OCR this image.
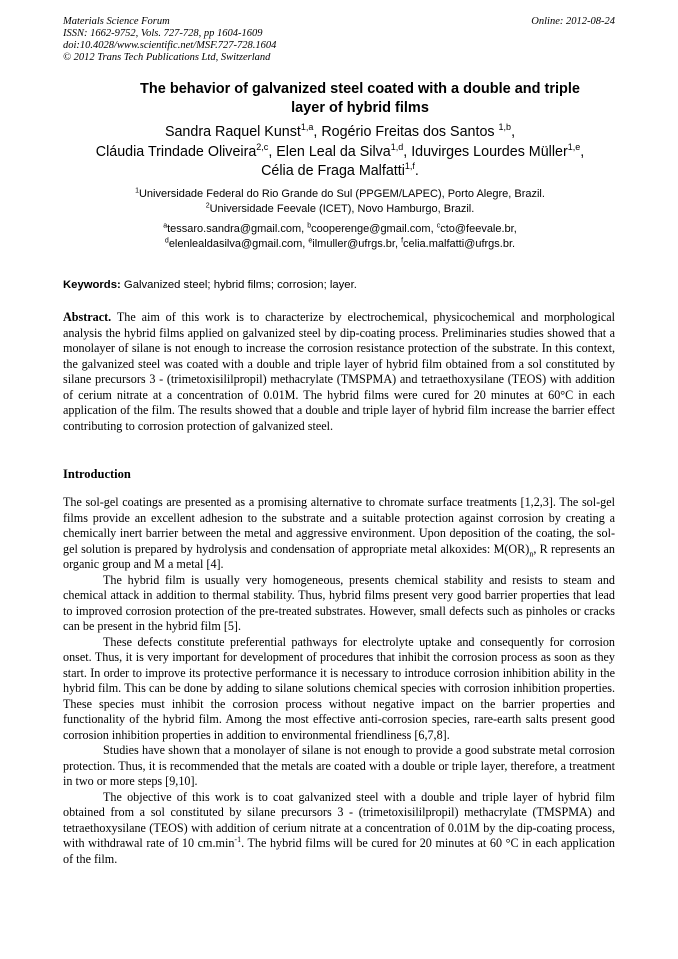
Materials Science Forum
ISSN: 1662-9752, Vols. 727-728, pp 1604-1609
doi:10.4028/www.scientific.net/MSF.727-728.1604
© 2012 Trans Tech Publications Ltd, Switzerland
Online: 2012-08-24
The behavior of galvanized steel coated with a double and triple
layer of hybrid films
Sandra Raquel Kunst$^{1,a}$, Rogério Freitas dos Santos $^{1,b}$,
Cláudia Trindade Oliveira$^{2,c}$, Elen Leal da Silva$^{1,d}$, Iduvirges Lourdes Müller$^{1,e}$,
Célia de Fraga Malfatti$^{1,f}$.
$^1$Universidade Federal do Rio Grande do Sul (PPGEM/LAPEC), Porto Alegre, Brazil.
$^2$Universidade Feevale (ICET), Novo Hamburgo, Brazil.
$^a$tessaro.sandra@gmail.com, $^b$cooperenge@gmail.com, $^c$cto@feevale.br,
$^d$elenlealdasilva@gmail.com, $^e$ilmuller@ufrgs.br, $^f$celia.malfatti@ufrgs.br.
Keywords: Galvanized steel; hybrid films; corrosion; layer.

Abstract. The aim of this work is to characterize by electrochemical, physicochemical and morphological analysis the hybrid films applied on galvanized steel by dip-coating process. Preliminaries studies showed that a monolayer of silane is not enough to increase the corrosion resistance protection of the substrate. In this context, the galvanized steel was coated with a double and triple layer of hybrid film obtained from a sol constituted by silane precursors 3 - (trimetoxisililpropil) methacrylate (TMSPMA) and tetraethoxysilane (TEOS) with addition of cerium nitrate at a concentration of 0.01M. The hybrid films were cured for 20 minutes at 60°C in each application of the film. The results showed that a double and triple layer of hybrid film increase the barrier effect contributing to corrosion protection of galvanized steel.

Introduction

The sol-gel coatings are presented as a promising alternative to chromate surface treatments [1,2,3]. The sol-gel films provide an excellent adhesion to the substrate and a suitable protection against corrosion by creating a chemically inert barrier between the metal and aggressive environment. Upon deposition of the coating, the sol-gel solution is prepared by hydrolysis and condensation of appropriate metal alkoxides: $M(OR)_n$, R represents an organic group and M a metal [4].

The hybrid film is usually very homogeneous, presents chemical stability and resists to steam and chemical attack in addition to thermal stability. Thus, hybrid films present very good barrier properties that lead to improved corrosion protection of the pre-treated substrates. However, small defects such as pinholes or cracks can be present in the hybrid film [5].

These defects constitute preferential pathways for electrolyte uptake and consequently for corrosion onset. Thus, it is very important for development of procedures that inhibit the corrosion process as soon as they start. In order to improve its protective performance it is necessary to introduce corrosion inhibition ability in the hybrid film. This can be done by adding to silane solutions chemical species with corrosion inhibition properties. These species must inhibit the corrosion process without negative impact on the barrier properties and functionality of the hybrid film. Among the most effective anti-corrosion species, rare-earth salts present good corrosion inhibition properties in addition to environmental friendliness [6,7,8].

Studies have shown that a monolayer of silane is not enough to provide a good substrate metal corrosion protection. Thus, it is recommended that the metals are coated with a double or triple layer, therefore, a treatment in two or more steps [9,10].

The objective of this work is to coat galvanized steel with a double and triple layer of hybrid film obtained from a sol constituted by silane precursors 3 - (trimetoxisililpropil) methacrylate (TMSPMA) and tetraethoxysilane (TEOS) with addition of cerium nitrate at a concentration of 0.01M by the dip-coating process, with withdrawal rate of 10 $cm.\min^{-1}$. The hybrid films will be cured for 20 minutes at 60 °C in each application of the film.
